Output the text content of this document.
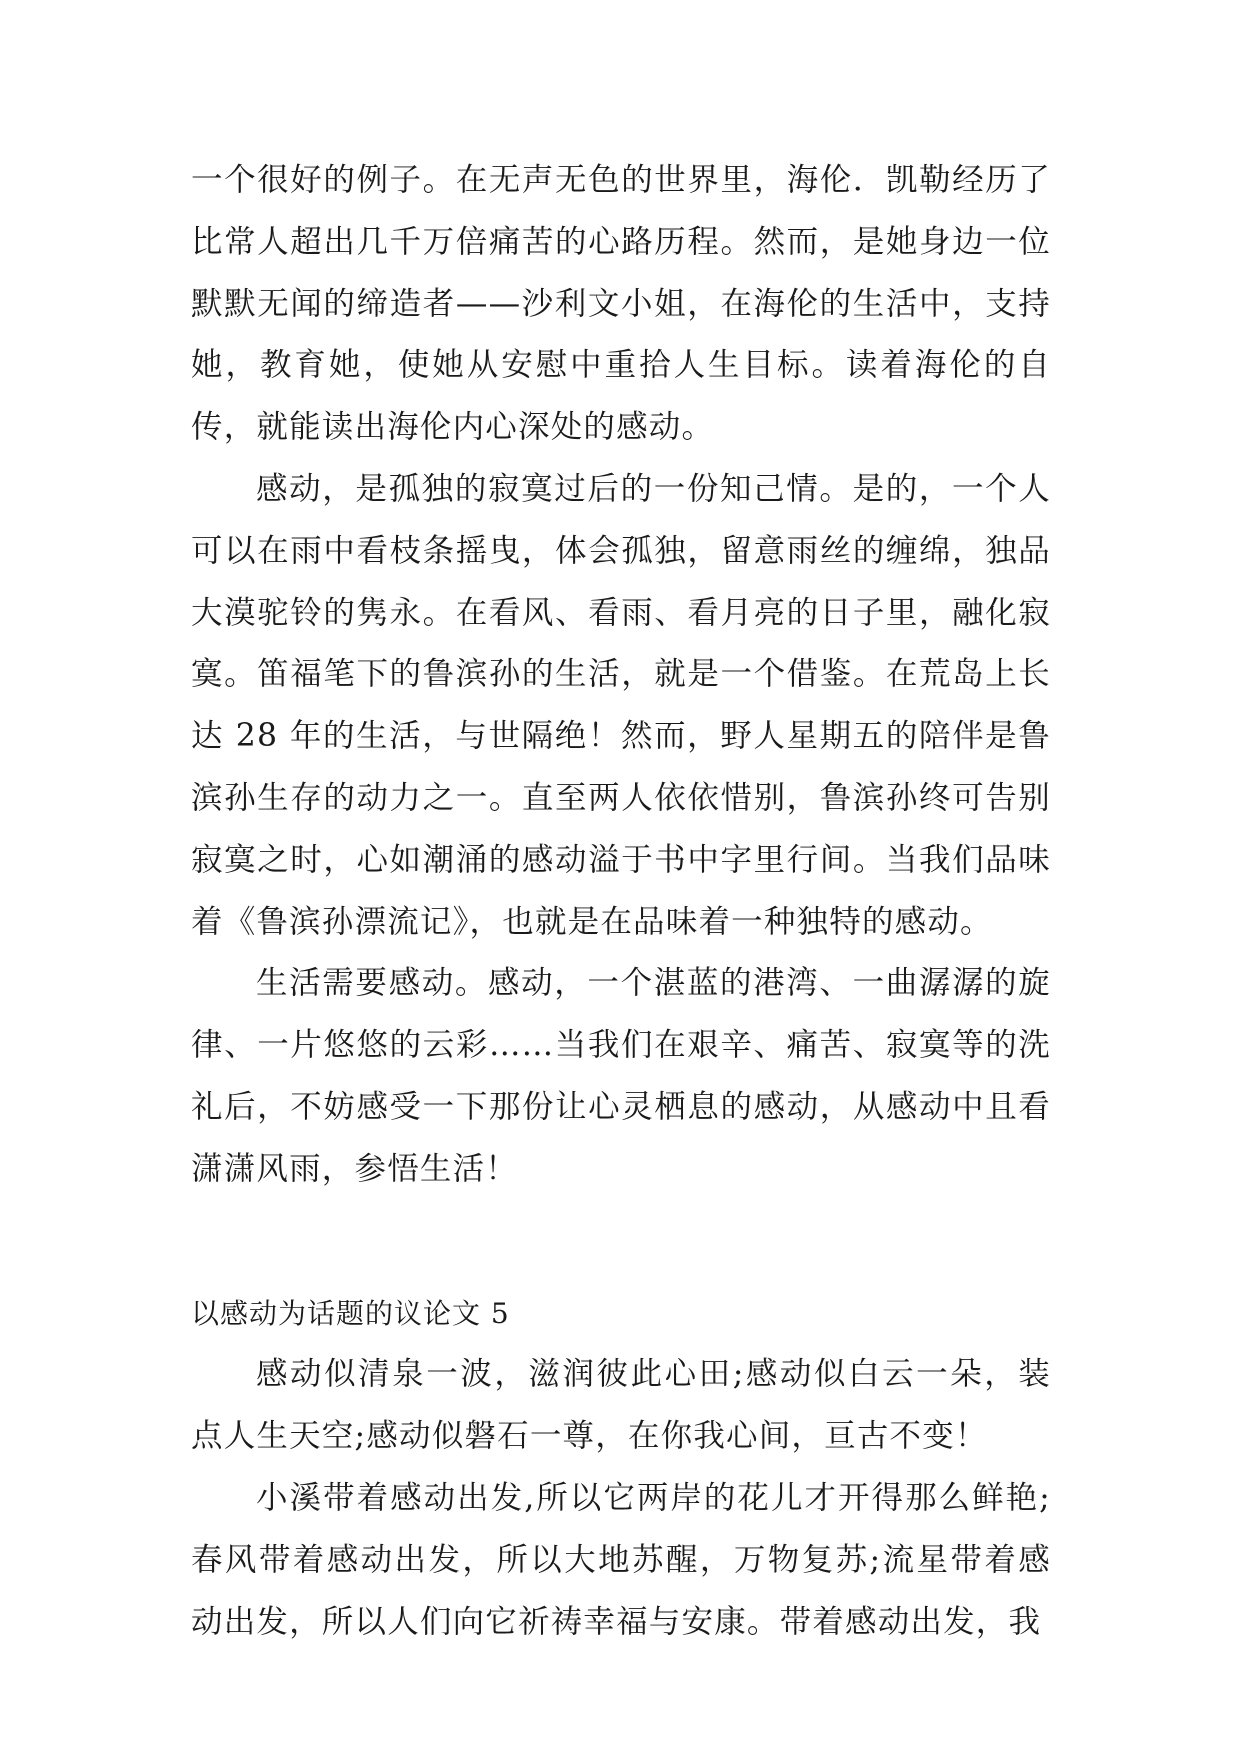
一个很好的例子。在无声无色的世界里，海伦．凯勒经历了比常人超出几千万倍痛苦的心路历程。然而，是她身边一位默默无闻的缔造者——沙利文小姐，在海伦的生活中，支持她，教育她，使她从安慰中重拾人生目标。读着海伦的自传，就能读出海伦内心深处的感动。

感动，是孤独的寂寞过后的一份知己情。是的，一个人可以在雨中看枝条摇曳，体会孤独，留意雨丝的缠绵，独品大漠驼铃的隽永。在看风、看雨、看月亮的日子里，融化寂寞。笛福笔下的鲁滨孙的生活，就是一个借鉴。在荒岛上长达 28 年的生活，与世隔绝！然而，野人星期五的陪伴是鲁滨孙生存的动力之一。直至两人依依惜别，鲁滨孙终可告别寂寞之时，心如潮涌的感动溢于书中字里行间。当我们品味着《鲁滨孙漂流记》，也就是在品味着一种独特的感动。

生活需要感动。感动，一个湛蓝的港湾、一曲潺潺的旋律、一片悠悠的云彩……当我们在艰辛、痛苦、寂寞等的洗礼后，不妨感受一下那份让心灵栖息的感动，从感动中且看潇潇风雨，参悟生活！

以感动为话题的议论文 5

感动似清泉一波，滋润彼此心田;感动似白云一朵，装点人生天空;感动似磐石一尊，在你我心间，亘古不变！

小溪带着感动出发,所以它两岸的花儿才开得那么鲜艳;春风带着感动出发，所以大地苏醒，万物复苏;流星带着感动出发，所以人们向它祈祷幸福与安康。带着感动出发，我
